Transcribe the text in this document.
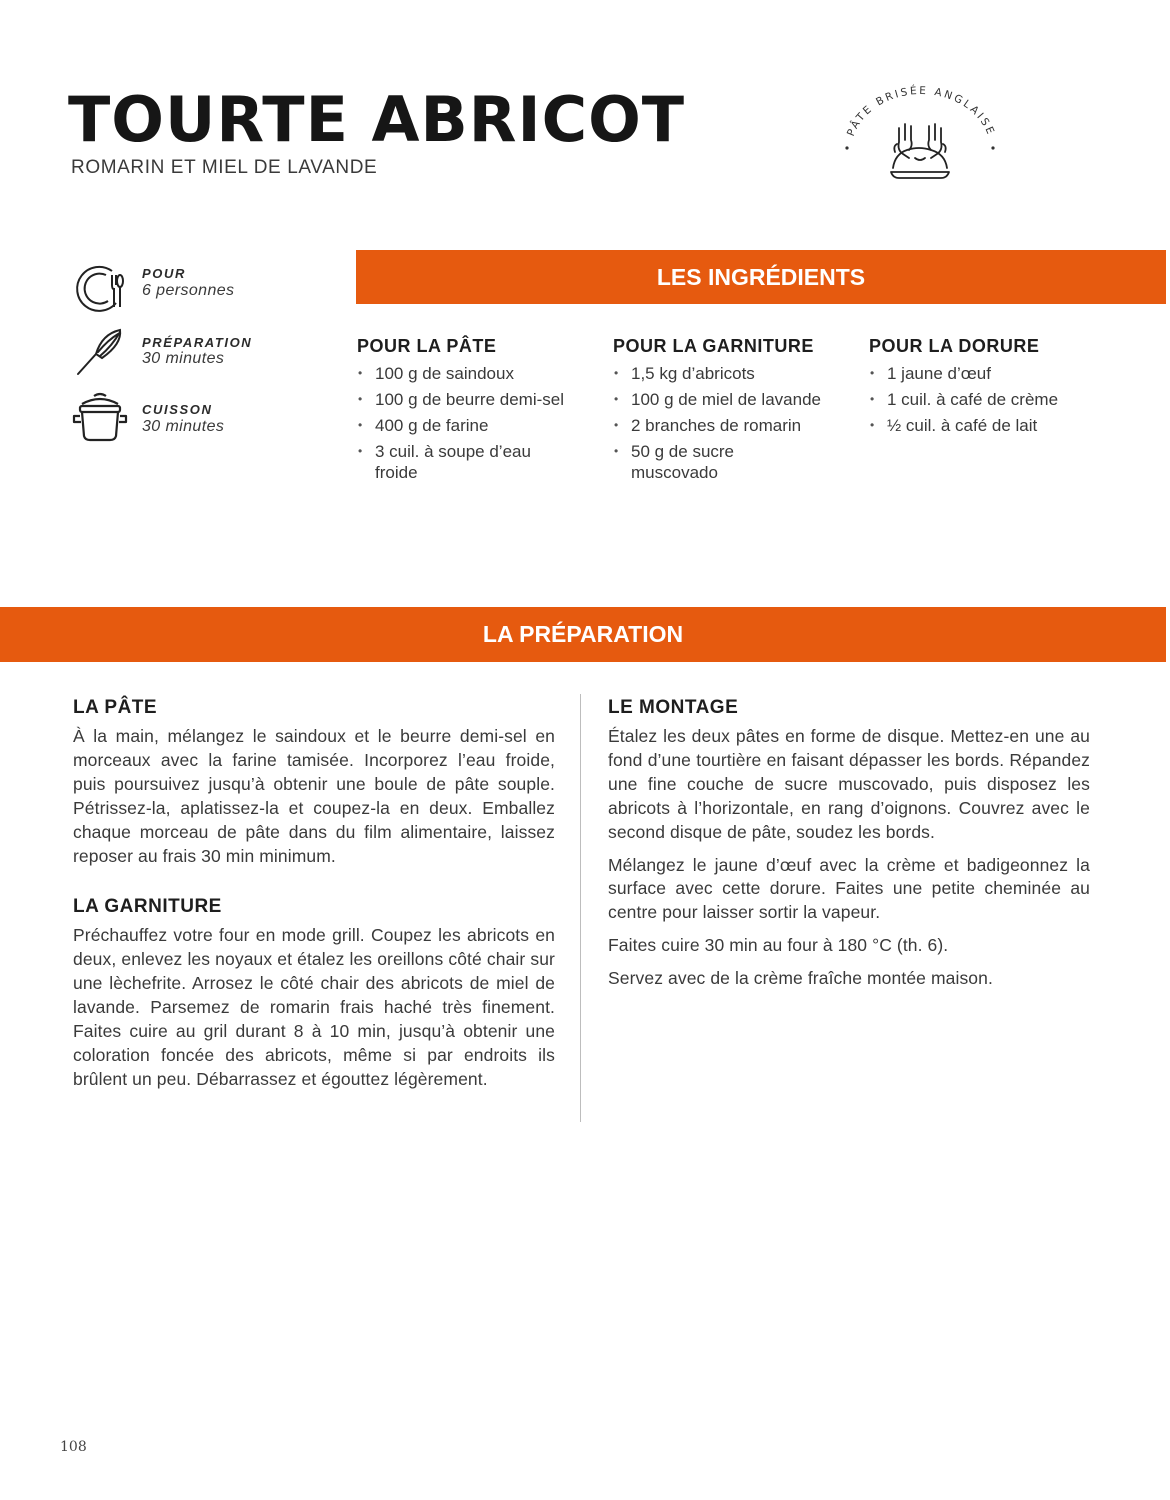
TOURTE ABRICOT
ROMARIN ET MIEL DE LAVANDE
PÂTE BRISÉE ANGLAISE
POUR
6 personnes
PRÉPARATION
30 minutes
CUISSON
30 minutes
LES INGRÉDIENTS
POUR LA PÂTE
• 100 g de saindoux
• 100 g de beurre demi-sel
• 400 g de farine
• 3 cuil. à soupe d’eau froide
POUR LA GARNITURE
• 1,5 kg d’abricots
• 100 g de miel de lavande
• 2 branches de romarin
• 50 g de sucre muscovado
POUR LA DORURE
• 1 jaune d’œuf
• 1 cuil. à café de crème
• ½ cuil. à café de lait
LA PRÉPARATION
LA PÂTE

À la main, mélangez le saindoux et le beurre demi-sel en morceaux avec la farine tamisée. Incorporez l’eau froide, puis poursuivez jusqu’à obtenir une boule de pâte souple. Pétrissez-la, aplatissez-la et coupez-la en deux. Emballez chaque morceau de pâte dans du film alimentaire, laissez reposer au frais 30 min minimum.

LA GARNITURE

Préchauffez votre four en mode grill. Coupez les abricots en deux, enlevez les noyaux et étalez les oreillons côté chair sur une lèchefrite. Arrosez le côté chair des abricots de miel de lavande. Parsemez de romarin frais haché très finement. Faites cuire au gril durant 8 à 10 min, jusqu’à obtenir une coloration foncée des abricots, même si par endroits ils brûlent un peu. Débarrassez et égouttez légèrement.

LE MONTAGE

Étalez les deux pâtes en forme de disque. Mettez-en une au fond d’une tourtière en faisant dépasser les bords. Répandez une fine couche de sucre muscovado, puis disposez les abricots à l’horizontale, en rang d’oignons. Couvrez avec le second disque de pâte, soudez les bords.

Mélangez le jaune d’œuf avec la crème et badigeonnez la surface avec cette dorure. Faites une petite cheminée au centre pour laisser sortir la vapeur.

Faites cuire 30 min au four à 180 °C (th. 6).

Servez avec de la crème fraîche montée maison.

108
